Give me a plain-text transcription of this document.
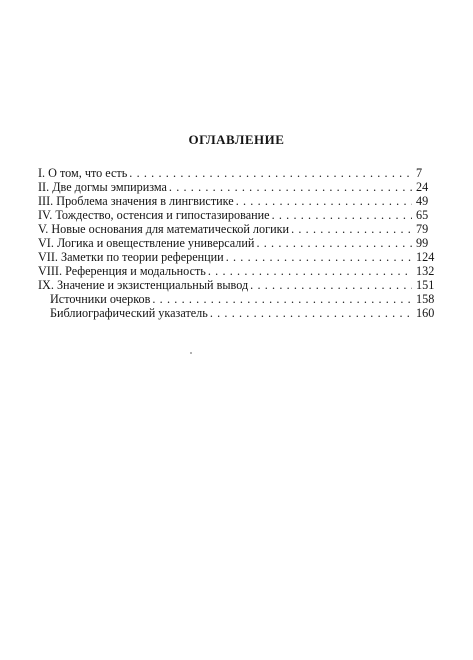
ОГЛАВЛЕНИЕ
I. О том, что есть . . .	7
II. Две догмы эмпиризма . . .	24
III. Проблема значения в лингвистике . . .	49
IV. Тождество, остенсия и гипостазирование . . .	65
V. Новые основания для математической логики . . .	79
VI. Логика и овеществление универсалий . . .	99
VII. Заметки по теории референции . . .	124
VIII. Референция и модальность . . .	132
IX. Значение и экзистенциальный вывод . . .	151
Источники очерков . . .	158
Библиографический указатель . . .	160
